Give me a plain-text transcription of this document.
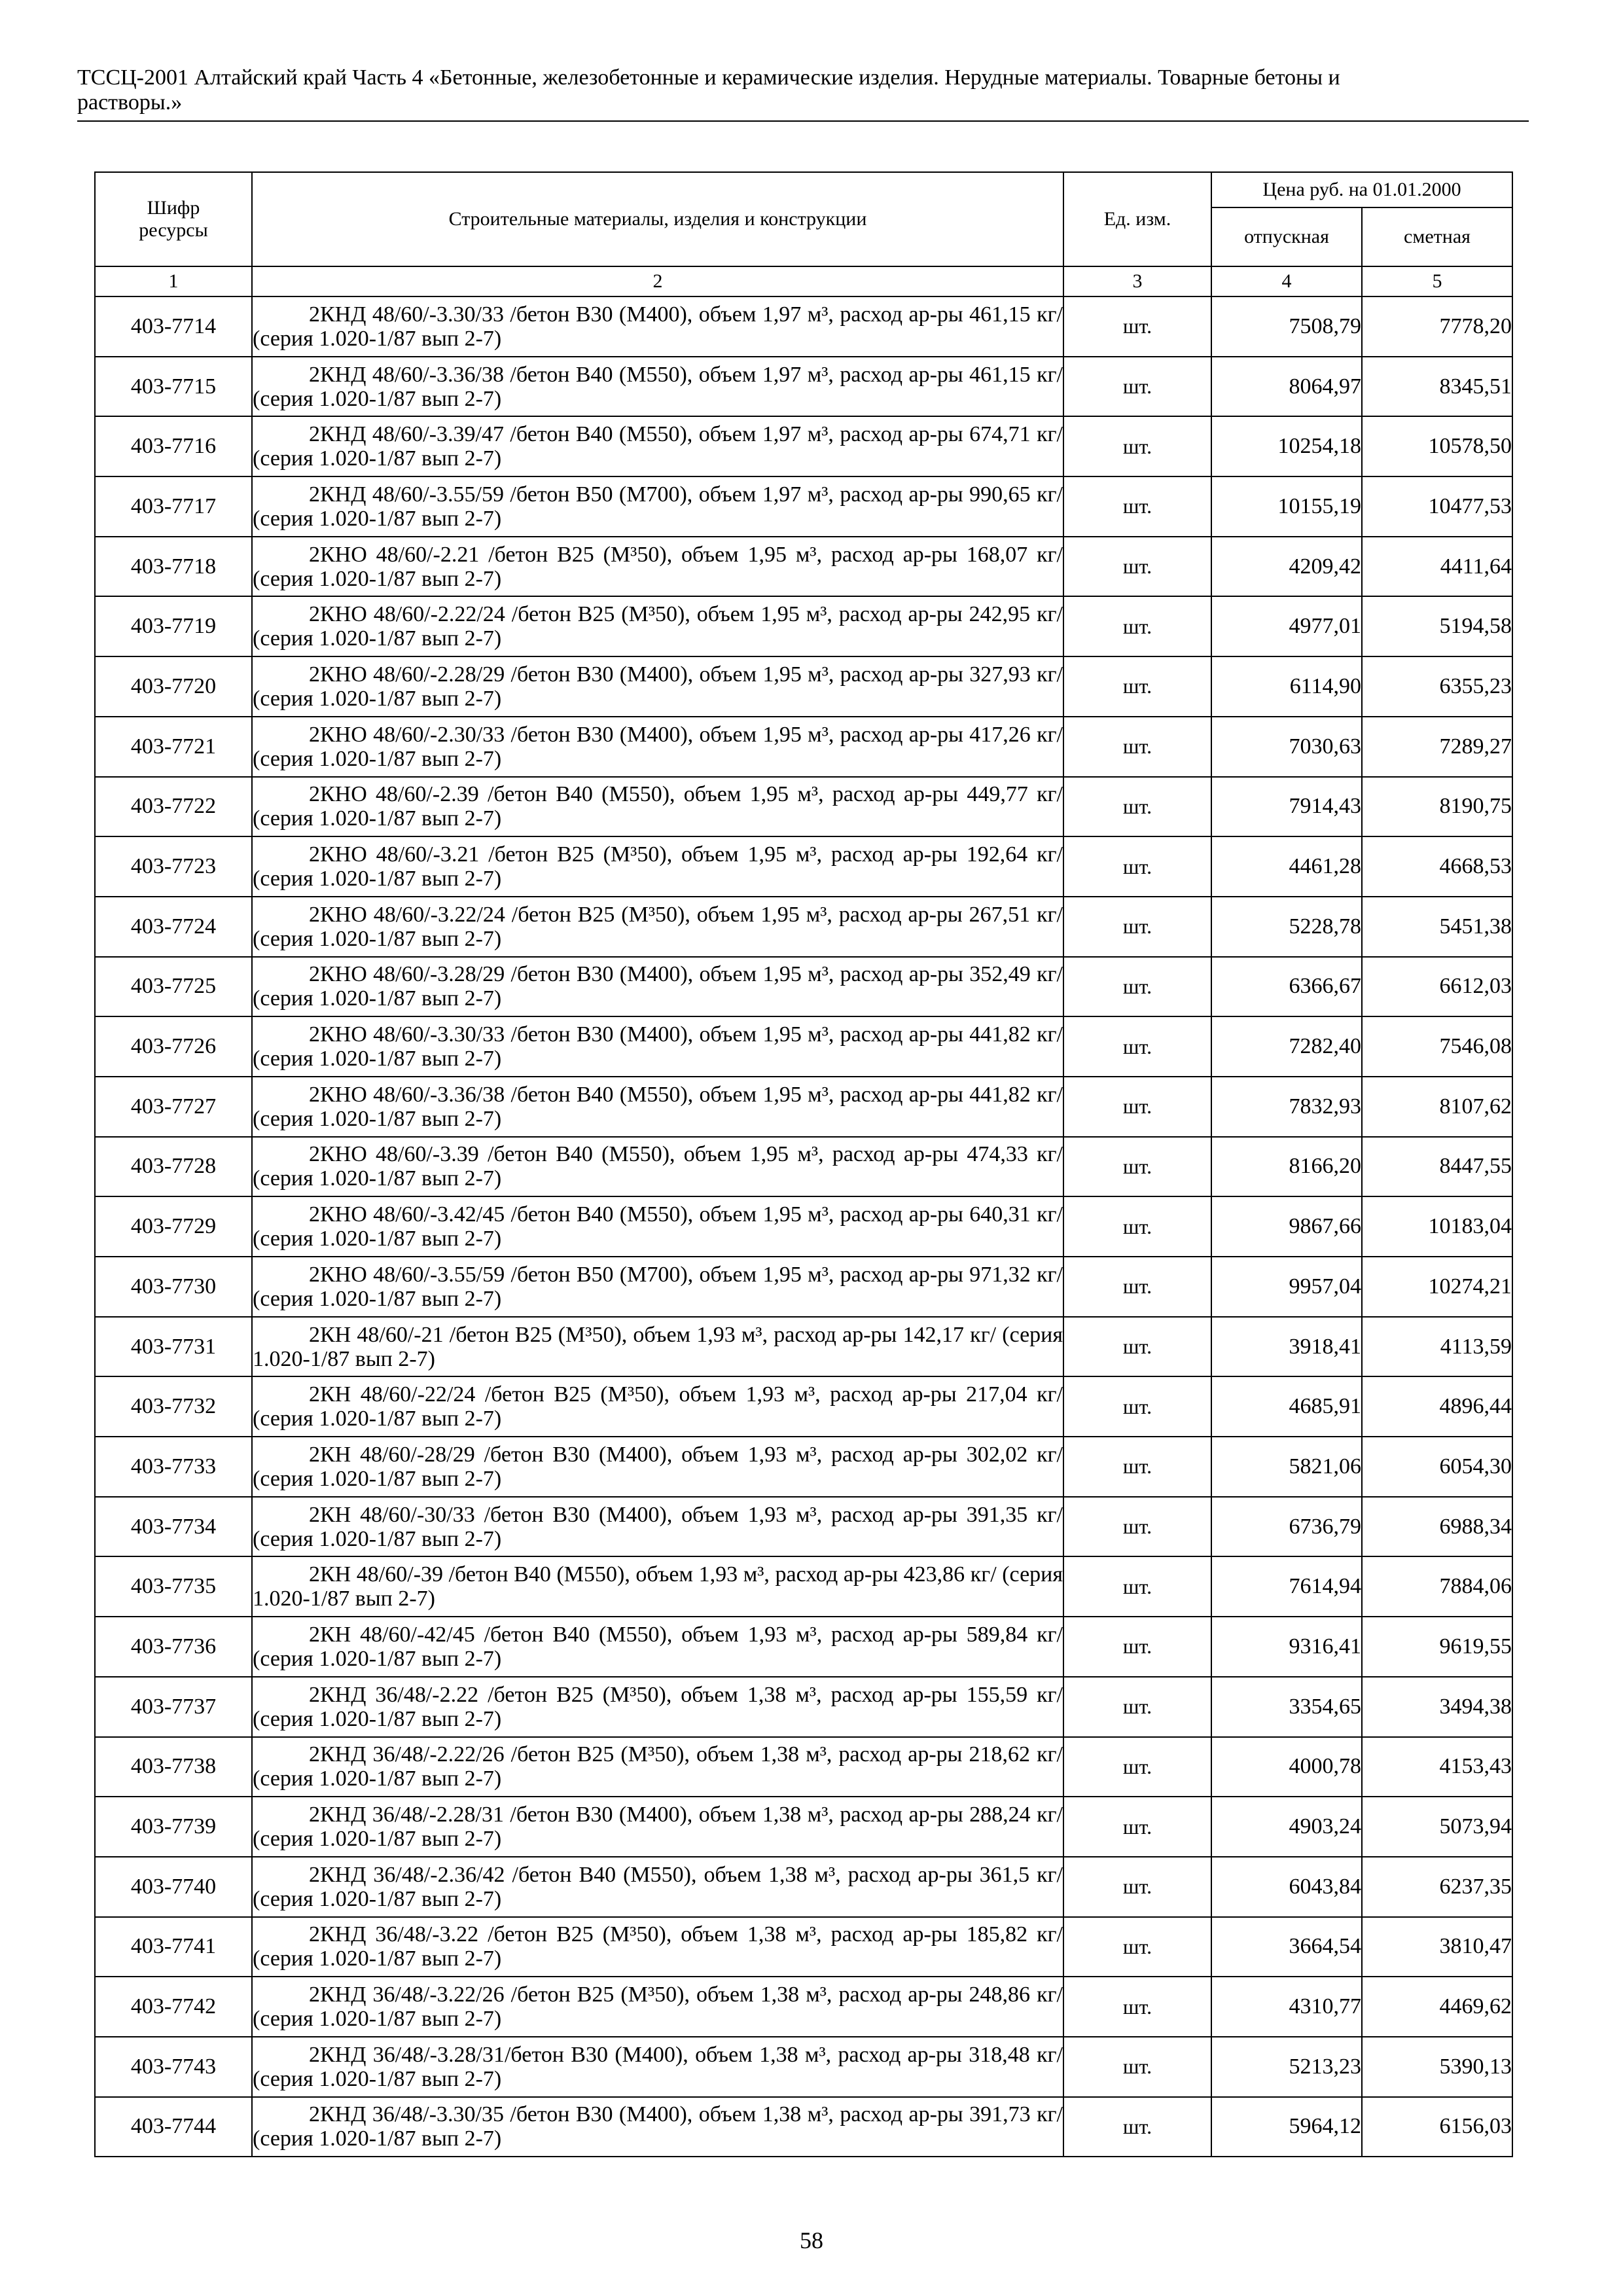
ТССЦ-2001 Алтайский край Часть 4 «Бетонные, железобетонные и керамические изделия. Нерудные материалы. Товарные бетоны и
растворы.»
Шифр ресурсы	Строительные материалы, изделия и конструкции	Ед. изм.	Цена руб. на 01.01.2000	
			отпускная	сметная
1	2	3	4	5
403-7714	2КНД 48/60/-3.30/33 /бетон В30 (М400), объем 1,97 м³, расход ар-ры 461,15 кг/ (серия 1.020-1/87 вып 2-7)	шт.	7508,79	7778,20
403-7715	2КНД 48/60/-3.36/38 /бетон В40 (М550), объем 1,97 м³, расход ар-ры 461,15 кг/ (серия 1.020-1/87 вып 2-7)	шт.	8064,97	8345,51
403-7716	2КНД 48/60/-3.39/47 /бетон В40 (М550), объем 1,97 м³, расход ар-ры 674,71 кг/ (серия 1.020-1/87 вып 2-7)	шт.	10254,18	10578,50
403-7717	2КНД 48/60/-3.55/59 /бетон В50 (М700), объем 1,97 м³, расход ар-ры 990,65 кг/ (серия 1.020-1/87 вып 2-7)	шт.	10155,19	10477,53
403-7718	2КНО 48/60/-2.21 /бетон В25 (М³50), объем 1,95 м³, расход ар-ры 168,07 кг/ (серия 1.020-1/87 вып 2-7)	шт.	4209,42	4411,64
403-7719	2КНО 48/60/-2.22/24 /бетон В25 (М³50), объем 1,95 м³, расход ар-ры 242,95 кг/ (серия 1.020-1/87 вып 2-7)	шт.	4977,01	5194,58
403-7720	2КНО 48/60/-2.28/29 /бетон В30 (М400), объем 1,95 м³, расход ар-ры 327,93 кг/ (серия 1.020-1/87 вып 2-7)	шт.	6114,90	6355,23
403-7721	2КНО 48/60/-2.30/33 /бетон В30 (М400), объем 1,95 м³, расход ар-ры 417,26 кг/ (серия 1.020-1/87 вып 2-7)	шт.	7030,63	7289,27
403-7722	2КНО 48/60/-2.39 /бетон В40 (М550), объем 1,95 м³, расход ар-ры 449,77 кг/ (серия 1.020-1/87 вып 2-7)	шт.	7914,43	8190,75
403-7723	2КНО 48/60/-3.21 /бетон В25 (М³50), объем 1,95 м³, расход ар-ры 192,64 кг/ (серия 1.020-1/87 вып 2-7)	шт.	4461,28	4668,53
403-7724	2КНО 48/60/-3.22/24 /бетон В25 (М³50), объем 1,95 м³, расход ар-ры 267,51 кг/ (серия 1.020-1/87 вып 2-7)	шт.	5228,78	5451,38
403-7725	2КНО 48/60/-3.28/29 /бетон В30 (М400), объем 1,95 м³, расход ар-ры 352,49 кг/ (серия 1.020-1/87 вып 2-7)	шт.	6366,67	6612,03
403-7726	2КНО 48/60/-3.30/33 /бетон В30 (М400), объем 1,95 м³, расход ар-ры 441,82 кг/ (серия 1.020-1/87 вып 2-7)	шт.	7282,40	7546,08
403-7727	2КНО 48/60/-3.36/38 /бетон В40 (М550), объем 1,95 м³, расход ар-ры 441,82 кг/ (серия 1.020-1/87 вып 2-7)	шт.	7832,93	8107,62
403-7728	2КНО 48/60/-3.39 /бетон В40 (М550), объем 1,95 м³, расход ар-ры 474,33 кг/ (серия 1.020-1/87 вып 2-7)	шт.	8166,20	8447,55
403-7729	2КНО 48/60/-3.42/45 /бетон В40 (М550), объем 1,95 м³, расход ар-ры 640,31 кг/ (серия 1.020-1/87 вып 2-7)	шт.	9867,66	10183,04
403-7730	2КНО 48/60/-3.55/59 /бетон В50 (М700), объем 1,95 м³, расход ар-ры 971,32 кг/ (серия 1.020-1/87 вып 2-7)	шт.	9957,04	10274,21
403-7731	2КН 48/60/-21 /бетон В25 (М³50), объем 1,93 м³, расход ар-ры 142,17 кг/ (серия 1.020-1/87 вып 2-7)	шт.	3918,41	4113,59
403-7732	2КН 48/60/-22/24 /бетон В25 (М³50), объем 1,93 м³, расход ар-ры 217,04 кг/ (серия 1.020-1/87 вып 2-7)	шт.	4685,91	4896,44
403-7733	2КН 48/60/-28/29 /бетон В30 (М400), объем 1,93 м³, расход ар-ры 302,02 кг/ (серия 1.020-1/87 вып 2-7)	шт.	5821,06	6054,30
403-7734	2КН 48/60/-30/33 /бетон В30 (М400), объем 1,93 м³, расход ар-ры 391,35 кг/ (серия 1.020-1/87 вып 2-7)	шт.	6736,79	6988,34
403-7735	2КН 48/60/-39 /бетон В40 (М550), объем 1,93 м³, расход ар-ры 423,86 кг/ (серия 1.020-1/87 вып 2-7)	шт.	7614,94	7884,06
403-7736	2КН 48/60/-42/45 /бетон В40 (М550), объем 1,93 м³, расход ар-ры 589,84 кг/ (серия 1.020-1/87 вып 2-7)	шт.	9316,41	9619,55
403-7737	2КНД 36/48/-2.22 /бетон В25 (М³50), объем 1,38 м³, расход ар-ры 155,59 кг/ (серия 1.020-1/87 вып 2-7)	шт.	3354,65	3494,38
403-7738	2КНД 36/48/-2.22/26 /бетон В25 (М³50), объем 1,38 м³, расход ар-ры 218,62 кг/ (серия 1.020-1/87 вып 2-7)	шт.	4000,78	4153,43
403-7739	2КНД 36/48/-2.28/31 /бетон В30 (М400), объем 1,38 м³, расход ар-ры 288,24 кг/ (серия 1.020-1/87 вып 2-7)	шт.	4903,24	5073,94
403-7740	2КНД 36/48/-2.36/42 /бетон В40 (М550), объем 1,38 м³, расход ар-ры 361,5 кг/ (серия 1.020-1/87 вып 2-7)	шт.	6043,84	6237,35
403-7741	2КНД 36/48/-3.22 /бетон В25 (М³50), объем 1,38 м³, расход ар-ры 185,82 кг/ (серия 1.020-1/87 вып 2-7)	шт.	3664,54	3810,47
403-7742	2КНД 36/48/-3.22/26 /бетон В25 (М³50), объем 1,38 м³, расход ар-ры 248,86 кг/ (серия 1.020-1/87 вып 2-7)	шт.	4310,77	4469,62
403-7743	2КНД 36/48/-3.28/31/бетон В30 (М400), объем 1,38 м³, расход ар-ры 318,48 кг/ (серия 1.020-1/87 вып 2-7)	шт.	5213,23	5390,13
403-7744	2КНД 36/48/-3.30/35 /бетон В30 (М400), объем 1,38 м³, расход ар-ры 391,73 кг/ (серия 1.020-1/87 вып 2-7)	шт.	5964,12	6156,03
58
